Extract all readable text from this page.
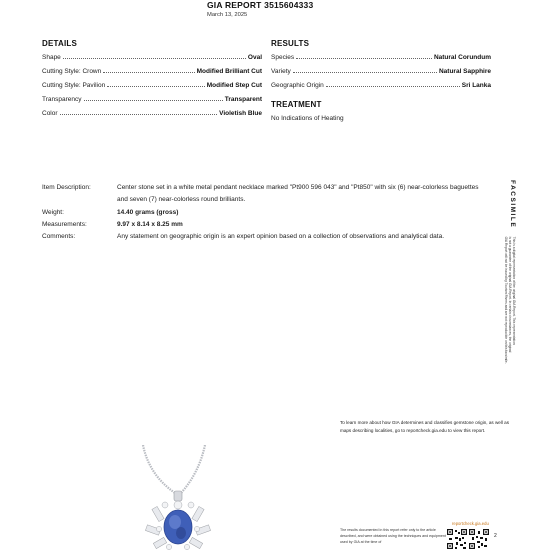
GIA REPORT 3515604333
March 13, 2025
DETAILS
Shape	Oval
Cutting Style: Crown	Modified Brilliant Cut
Cutting Style: Pavilion	Modified Step Cut
Transparency	Transparent
Color	Violetish Blue
RESULTS
Species	Natural Corundum
Variety	Natural Sapphire
Geographic Origin	Sri Lanka
TREATMENT
No Indications of Heating
Item Description:	Center stone set in a white metal pendant necklace marked "Pt900 596 043" and "Pt850" with six (6) near-colorless baguettes and seven (7) near-colorless round brilliants.
Weight:	14.40 grams (gross)
Measurements:	9.97 x 8.14 x 8.25 mm
Comments:	Any statement on geographic origin is an expert opinion based on a collection of observations and analytical data.
FACSIMILE
This is a digital representation of the original GIA Report. This representation
is not a guarantee of the original GIA Report. In certain circumstances, the original
GIA Report will not be issued by Tourism Rivers and are not reproducible on this facsimile.
To learn more about how GIA determines and classifies gemstone origin, as well as maps describing localities, go to reportcheck.gia.edu to view this report.
The results documented in this report refer only to the article described, and were obtained using the techniques and equipment used by GIA at the time of
reportcheck.gia.edu
2
